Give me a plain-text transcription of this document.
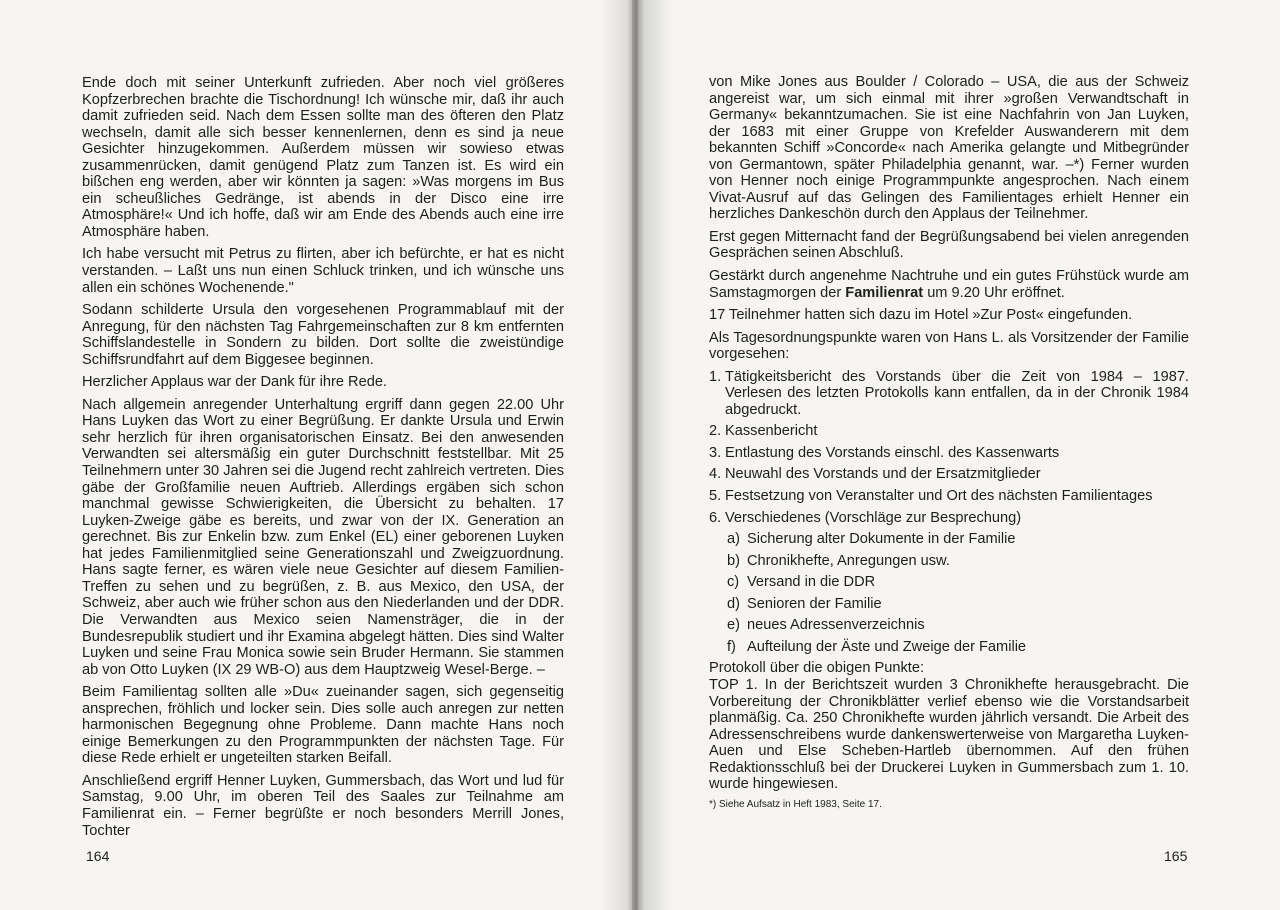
Ende doch mit seiner Unterkunft zufrieden. Aber noch viel größeres Kopfzerbrechen brachte die Tischordnung! Ich wünsche mir, daß ihr auch damit zufrieden seid. Nach dem Essen sollte man des öfteren den Platz wechseln, damit alle sich besser kennenlernen, denn es sind ja neue Gesichter hinzugekommen. Außerdem müssen wir sowieso etwas zusammenrücken, damit genügend Platz zum Tanzen ist. Es wird ein bißchen eng werden, aber wir könnten ja sagen: »Was morgens im Bus ein scheußliches Gedränge, ist abends in der Disco eine irre Atmosphäre!« Und ich hoffe, daß wir am Ende des Abends auch eine irre Atmosphäre haben.

Ich habe versucht mit Petrus zu flirten, aber ich befürchte, er hat es nicht verstanden. – Laßt uns nun einen Schluck trinken, und ich wünsche uns allen ein schönes Wochenende."

Sodann schilderte Ursula den vorgesehenen Programmablauf mit der Anregung, für den nächsten Tag Fahrgemeinschaften zur 8 km entfernten Schiffslandestelle in Sondern zu bilden. Dort sollte die zweistündige Schiffsrundfahrt auf dem Biggesee beginnen.

Herzlicher Applaus war der Dank für ihre Rede.

Nach allgemein anregender Unterhaltung ergriff dann gegen 22.00 Uhr Hans Luyken das Wort zu einer Begrüßung. Er dankte Ursula und Erwin sehr herzlich für ihren organisatorischen Einsatz. Bei den anwesenden Verwandten sei altersmäßig ein guter Durchschnitt feststellbar. Mit 25 Teilnehmern unter 30 Jahren sei die Jugend recht zahlreich vertreten. Dies gäbe der Großfamilie neuen Auftrieb. Allerdings ergäben sich schon manchmal gewisse Schwierigkeiten, die Übersicht zu behalten. 17 Luyken-Zweige gäbe es bereits, und zwar von der IX. Generation an gerechnet. Bis zur Enkelin bzw. zum Enkel (EL) einer geborenen Luyken hat jedes Familienmitglied seine Generationszahl und Zweigzuordnung. Hans sagte ferner, es wären viele neue Gesichter auf diesem Familien-Treffen zu sehen und zu begrüßen, z. B. aus Mexico, den USA, der Schweiz, aber auch wie früher schon aus den Niederlanden und der DDR. Die Verwandten aus Mexico seien Namensträger, die in der Bundesrepublik studiert und ihr Examina abgelegt hätten. Dies sind Walter Luyken und seine Frau Monica sowie sein Bruder Hermann. Sie stammen ab von Otto Luyken (IX 29 WB-O) aus dem Hauptzweig Wesel-Berge. –

Beim Familientag sollten alle »Du« zueinander sagen, sich gegenseitig ansprechen, fröhlich und locker sein. Dies solle auch anregen zur netten harmonischen Begegnung ohne Probleme. Dann machte Hans noch einige Bemerkungen zu den Programmpunkten der nächsten Tage. Für diese Rede erhielt er ungeteilten starken Beifall.

Anschließend ergriff Henner Luyken, Gummersbach, das Wort und lud für Samstag, 9.00 Uhr, im oberen Teil des Saales zur Teilnahme am Familienrat ein. – Ferner begrüßte er noch besonders Merrill Jones, Tochter

164

von Mike Jones aus Boulder / Colorado – USA, die aus der Schweiz angereist war, um sich einmal mit ihrer »großen Verwandtschaft in Germany« bekanntzumachen. Sie ist eine Nachfahrin von Jan Luyken, der 1683 mit einer Gruppe von Krefelder Auswanderern mit dem bekannten Schiff »Concorde« nach Amerika gelangte und Mitbegründer von Germantown, später Philadelphia genannt, war. –*) Ferner wurden von Henner noch einige Programmpunkte angesprochen. Nach einem Vivat-Ausruf auf das Gelingen des Familientages erhielt Henner ein herzliches Dankeschön durch den Applaus der Teilnehmer.

Erst gegen Mitternacht fand der Begrüßungsabend bei vielen anregenden Gesprächen seinen Abschluß.

Gestärkt durch angenehme Nachtruhe und ein gutes Frühstück wurde am Samstagmorgen der Familienrat um 9.20 Uhr eröffnet.

17 Teilnehmer hatten sich dazu im Hotel »Zur Post« eingefunden.

Als Tagesordnungspunkte waren von Hans L. als Vorsitzender der Familie vorgesehen:

1. Tätigkeitsbericht des Vorstands über die Zeit von 1984 – 1987. Verlesen des letzten Protokolls kann entfallen, da in der Chronik 1984 abgedruckt.
2. Kassenbericht
3. Entlastung des Vorstands einschl. des Kassenwarts
4. Neuwahl des Vorstands und der Ersatzmitglieder
5. Festsetzung von Veranstalter und Ort des nächsten Familientages
6. Verschiedenes (Vorschläge zur Besprechung)
a) Sicherung alter Dokumente in der Familie
b) Chronikhefte, Anregungen usw.
c) Versand in die DDR
d) Senioren der Familie
e) neues Adressenverzeichnis
f) Aufteilung der Äste und Zweige der Familie

Protokoll über die obigen Punkte:

TOP 1. In der Berichtszeit wurden 3 Chronikhefte herausgebracht. Die Vorbereitung der Chronikblätter verlief ebenso wie die Vorstandsarbeit planmäßig. Ca. 250 Chronikhefte wurden jährlich versandt. Die Arbeit des Adressenschreibens wurde dankenswerterweise von Margaretha Luyken-Auen und Else Scheben-Hartleb übernommen. Auf den frühen Redaktionsschluß bei der Druckerei Luyken in Gummersbach zum 1. 10. wurde hingewiesen.

*) Siehe Aufsatz in Heft 1983, Seite 17.
165
